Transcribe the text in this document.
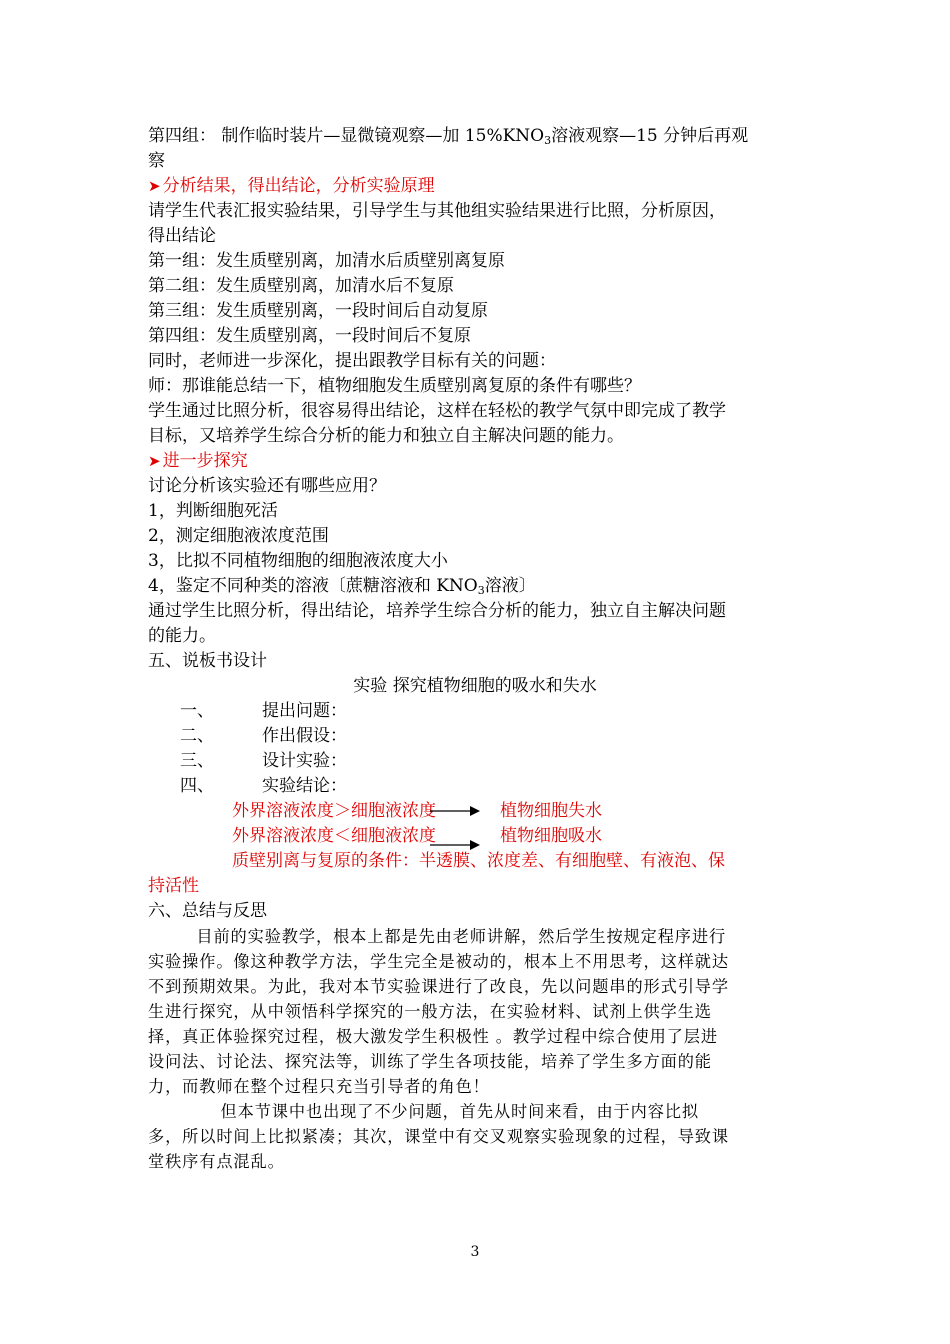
第四组： 制作临时装片—显微镜观察—加 $15\%KNO_3$溶液观察—15 分钟后再观

察

➤ 分析结果，得出结论，分析实验原理

请学生代表汇报实验结果，引导学生与其他组实验结果进行比照，分析原因，

得出结论

第一组：发生质壁别离，加清水后质壁别离复原

第二组：发生质壁别离，加清水后不复原

第三组：发生质壁别离，一段时间后自动复原

第四组：发生质壁别离，一段时间后不复原

同时，老师进一步深化，提出跟教学目标有关的问题：

师：那谁能总结一下，植物细胞发生质壁别离复原的条件有哪些？

学生通过比照分析，很容易得出结论，这样在轻松的教学气氛中即完成了教学

目标，又培养学生综合分析的能力和独立自主解决问题的能力。

➤ 进一步探究

讨论分析该实验还有哪些应用？

1，判断细胞死活

2，测定细胞液浓度范围

3，比拟不同植物细胞的细胞液浓度大小

4，鉴定不同种类的溶液〔蔗糖溶液和 $KNO_3$溶液〕

通过学生比照分析，得出结论，培养学生综合分析的能力，独立自主解决问题

的能力。

五、说板书设计

实验 探究植物细胞的吸水和失水
一、	提出问题：
二、	作出假设：
三、	设计实验：
四、	实验结论：
外界溶液浓度＞细胞液浓度	植物细胞失水
外界溶液浓度＜细胞液浓度	植物细胞吸水
质壁别离与复原的条件：半透膜、浓度差、有细胞壁、有液泡、保

持活性

六、总结与反思

目前的实验教学，根本上都是先由老师讲解，然后学生按规定程序进行
实验操作。像这种教学方法，学生完全是被动的，根本上不用思考，这样就达
不到预期效果。为此，我对本节实验课进行了改良，先以问题串的形式引导学
生进行探究，从中领悟科学探究的一般方法，在实验材料、试剂上供学生选
择，真正体验探究过程，极大激发学生积极性 。教学过程中综合使用了层进
设问法、讨论法、探究法等，训练了学生各项技能，培养了学生多方面的能
力，而教师在整个过程只充当引导者的角色！
但本节课中也出现了不少问题，首先从时间来看，由于内容比拟
多，所以时间上比拟紧凑；其次，课堂中有交叉观察实验现象的过程，导致课
堂秩序有点混乱。
3
